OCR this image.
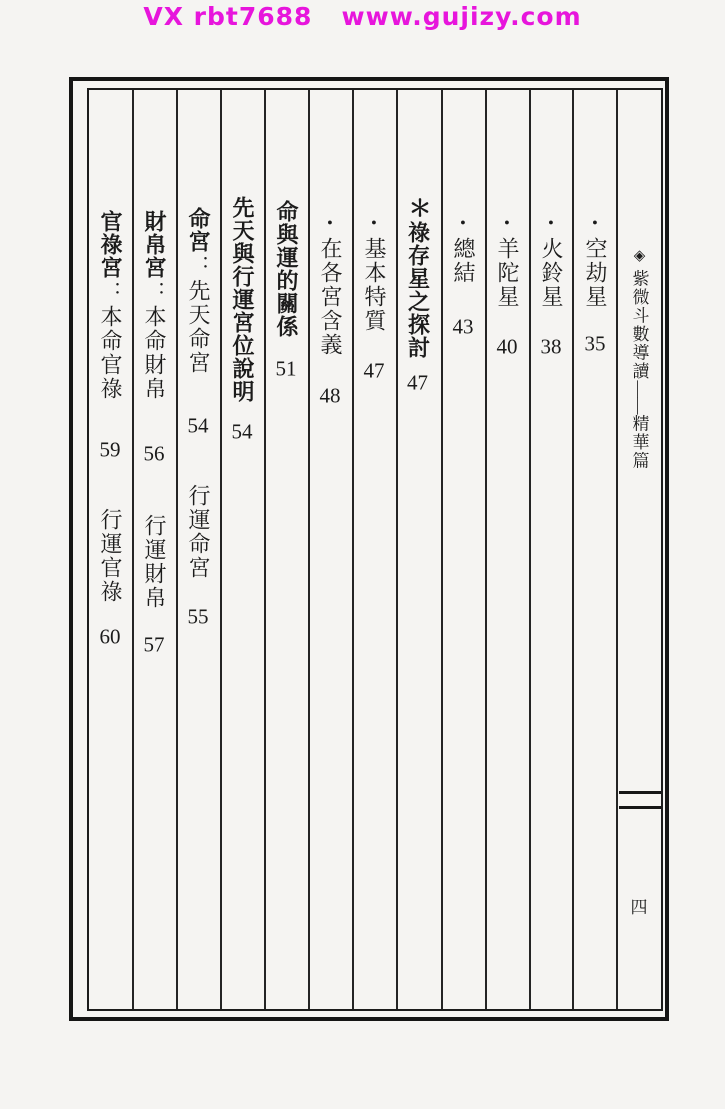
VX rbt7688   www.gujizy.com
◈紫微斗數導讀——精華篇
四
●空劫星35
●火鈴星38
●羊陀星40
●總結43
＊祿存星之探討47
●基本特質47
●在各宮含義48
命與運的關係51
先天與行運宮位說明54
命宮：先天命宮54行運命宮55
財帛宮：本命財帛56行運財帛57
官祿宮：本命官祿59行運官祿60
